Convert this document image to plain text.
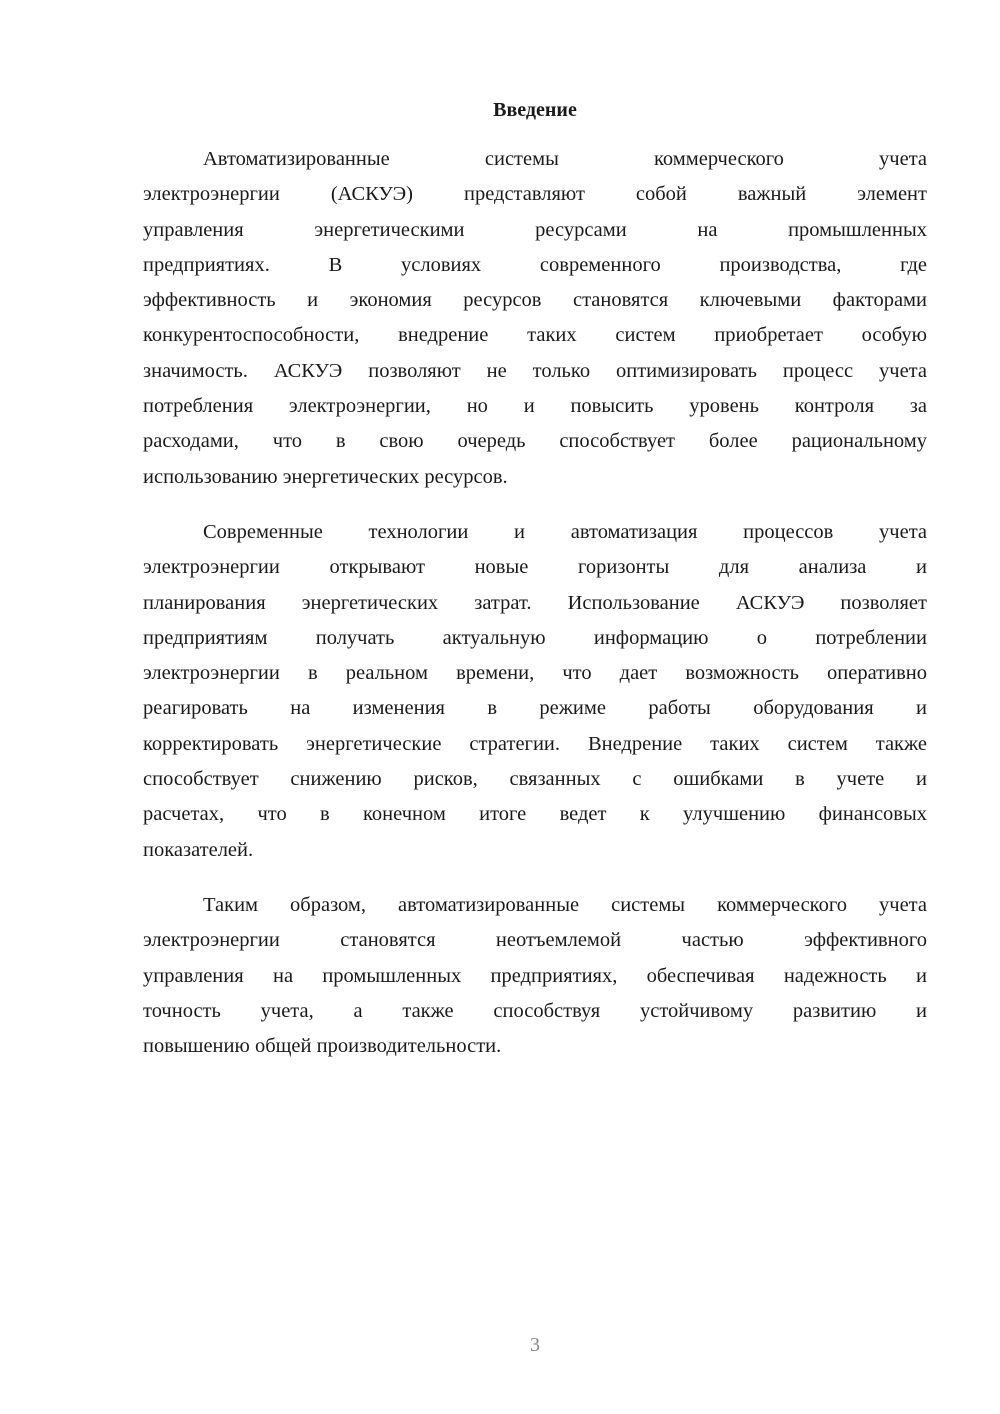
Введение
Автоматизированные системы коммерческого учета
электроэнергии (АСКУЭ) представляют собой важный элемент
управления энергетическими ресурсами на промышленных
предприятиях. В условиях современного производства, где
эффективность и экономия ресурсов становятся ключевыми факторами
конкурентоспособности, внедрение таких систем приобретает особую
значимость. АСКУЭ позволяют не только оптимизировать процесс учета
потребления электроэнергии, но и повысить уровень контроля за
расходами, что в свою очередь способствует более рациональному
использованию энергетических ресурсов.
Современные технологии и автоматизация процессов учета
электроэнергии открывают новые горизонты для анализа и
планирования энергетических затрат. Использование АСКУЭ позволяет
предприятиям получать актуальную информацию о потреблении
электроэнергии в реальном времени, что дает возможность оперативно
реагировать на изменения в режиме работы оборудования и
корректировать энергетические стратегии. Внедрение таких систем также
способствует снижению рисков, связанных с ошибками в учете и
расчетах, что в конечном итоге ведет к улучшению финансовых
показателей.
Таким образом, автоматизированные системы коммерческого учета
электроэнергии становятся неотъемлемой частью эффективного
управления на промышленных предприятиях, обеспечивая надежность и
точность учета, а также способствуя устойчивому развитию и
повышению общей производительности.
3
